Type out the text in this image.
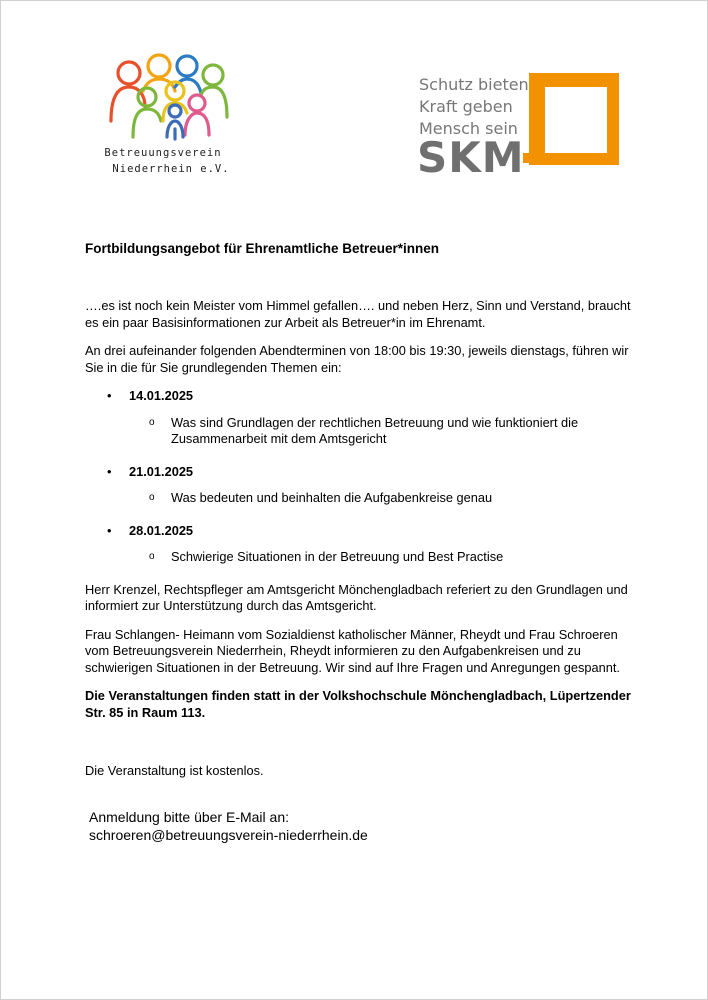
Betreuungsverein
Niederrhein e.V.
Schutz bieten
Kraft geben
Mensch sein
SKM
Fortbildungsangebot für Ehrenamtliche Betreuer*innen

….es ist noch kein Meister vom Himmel gefallen…. und neben Herz, Sinn und Verstand, braucht es ein paar Basisinformationen zur Arbeit als Betreuer*in im Ehrenamt.

An drei aufeinander folgenden Abendterminen von 18:00 bis 19:30, jeweils dienstags, führen wir Sie in die für Sie grundlegenden Themen ein:

• 14.01.2025
o Was sind Grundlagen der rechtlichen Betreuung und wie funktioniert die Zusammenarbeit mit dem Amtsgericht
• 21.01.2025
o Was bedeuten und beinhalten die Aufgabenkreise genau
• 28.01.2025
o Schwierige Situationen in der Betreuung und Best Practise

Herr Krenzel, Rechtspfleger am Amtsgericht Mönchengladbach referiert zu den Grundlagen und informiert zur Unterstützung durch das Amtsgericht.

Frau Schlangen- Heimann vom Sozialdienst katholischer Männer, Rheydt und Frau Schroeren vom Betreuungsverein Niederrhein, Rheydt informieren zu den Aufgabenkreisen und zu schwierigen Situationen in der Betreuung. Wir sind auf Ihre Fragen und Anregungen gespannt.

Die Veranstaltungen finden statt in der Volkshochschule Mönchengladbach, Lüpertzender Str. 85 in Raum 113.

Die Veranstaltung ist kostenlos.

Anmeldung bitte über E-Mail an:
schroeren@betreuungsverein-niederrhein.de
